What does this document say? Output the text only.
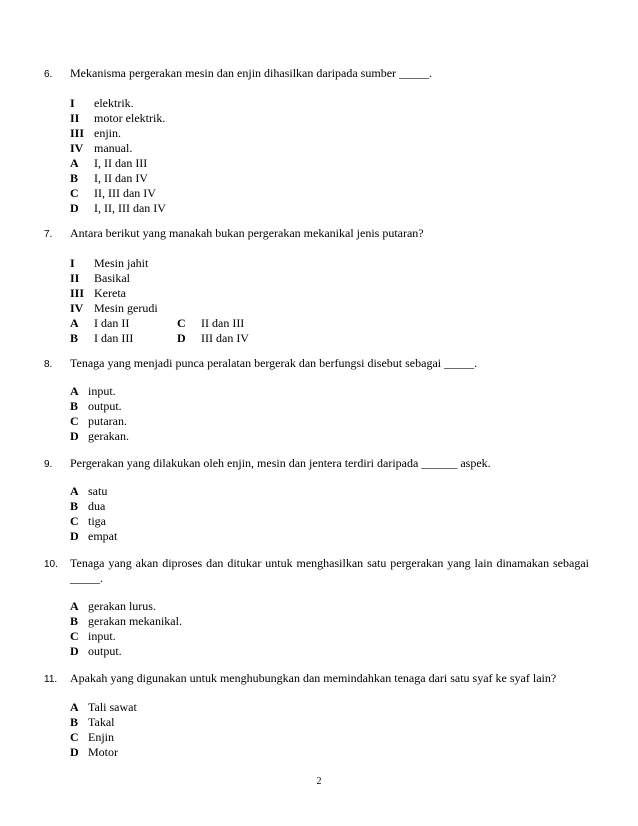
6. Mekanisma pergerakan mesin dan enjin dihasilkan daripada sumber _____.
I elektrik.
II motor elektrik.
III enjin.
IV manual.
A I, II dan III
B I, II dan IV
C II, III dan IV
D I, II, III dan IV
7. Antara berikut yang manakah bukan pergerakan mekanikal jenis putaran?
I Mesin jahit
II Basikal
III Kereta
IV Mesin gerudi
A I dan II	C II dan III
B I dan III	D III dan IV
8. Tenaga yang menjadi punca peralatan bergerak dan berfungsi disebut sebagai _____.
A input.
B output.
C putaran.
D gerakan.
9. Pergerakan yang dilakukan oleh enjin, mesin dan jentera terdiri daripada ______ aspek.
A satu
B dua
C tiga
D empat
10. Tenaga yang akan diproses dan ditukar untuk menghasilkan satu pergerakan yang lain dinamakan sebagai _____.
A gerakan lurus.
B gerakan mekanikal.
C input.
D output.
11. Apakah yang digunakan untuk menghubungkan dan memindahkan tenaga dari satu syaf ke syaf lain?
A Tali sawat
B Takal
C Enjin
D Motor
2
